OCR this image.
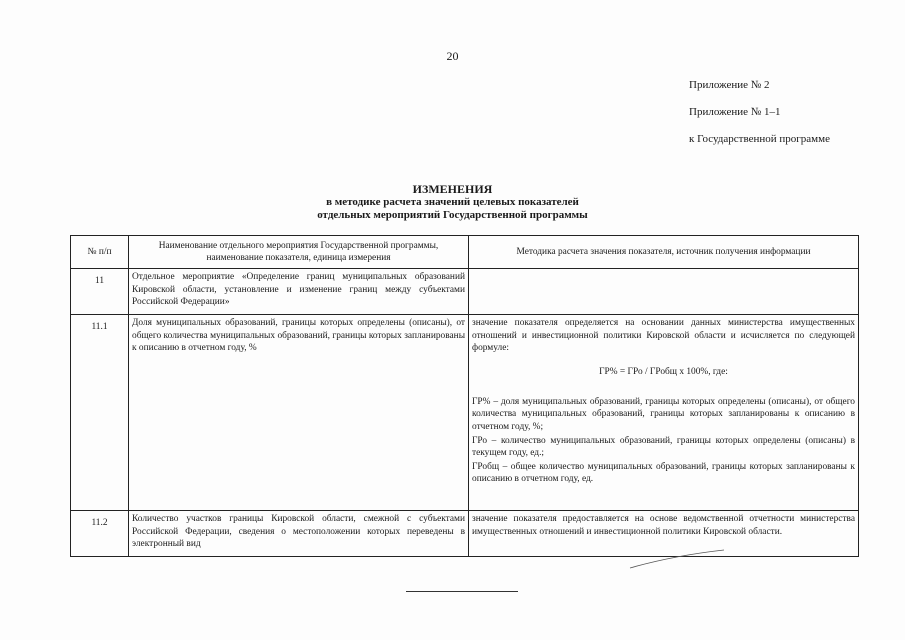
20
Приложение № 2
Приложение № 1–1
к Государственной программе
ИЗМЕНЕНИЯ
в методике расчета значений целевых показателей
отдельных мероприятий Государственной программы
№ п/п	Наименование отдельного мероприятия Государственной программы, наименование показателя, единица измерения	Методика расчета значения показателя, источник получения информации
11	Отдельное мероприятие «Определение границ муниципальных образований Кировской области, установление и изменение границ между субъектами Российской Федерации»	
11.1	Доля муниципальных образований, границы которых определены (описаны), от общего количества муниципальных образований, границы которых запланированы к описанию в отчетном году, %	значение показателя определяется на основании данных министерства имущественных отношений и инвестиционной политики Кировской области и исчисляется по следующей формуле:
ГР% = ГРо / ГРобщ х 100%, где:
ГР% – доля муниципальных образований, границы которых определены (описаны), от общего количества муниципальных образований, границы которых запланированы к описанию в отчетном году, %;
ГРо – количество муниципальных образований, границы которых определены (описаны) в текущем году, ед.;
ГРобщ – общее количество муниципальных образований, границы которых запланированы к описанию в отчетном году, ед.

11.2	Количество участков границы Кировской области, смежной с субъектами Российской Федерации, сведения о местоположении которых переведены в электронный вид	значение показателя предоставляется на основе ведомственной отчетности министерства имущественных отношений и инвестиционной политики Кировской области.
